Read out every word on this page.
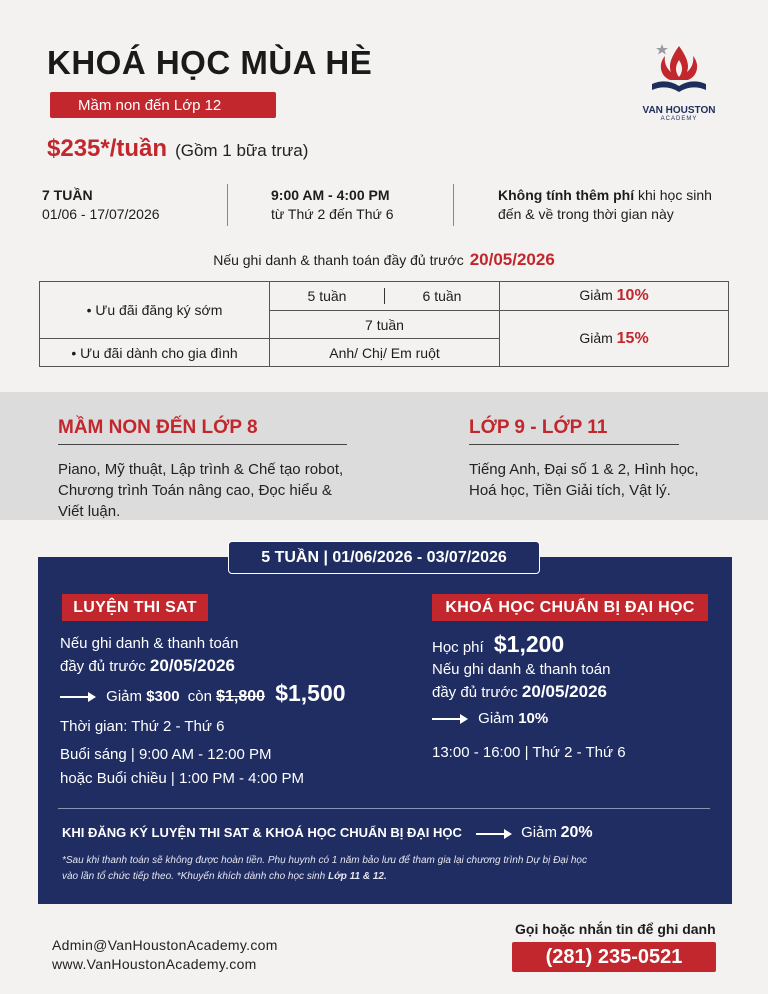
KHOÁ HỌC MÙA HÈ
Mầm non đến Lớp 12	VAN HOUSTON
ACADEMY
$235*/tuần (Gồm 1 bữa trưa)
7 TUẦN
01/06 - 17/07/2026
9:00 AM - 4:00 PM
từ Thứ 2 đến Thứ 6
Không tính thêm phí khi học sinh
đến & về trong thời gian này
Nếu ghi danh & thanh toán đầy đủ trước 20/05/2026
• Ưu đãi đăng ký sớm	5 tuần 6 tuần	Giảm 10%
	7 tuần	Giảm 15%
• Ưu đãi dành cho gia đình	Anh/ Chị/ Em ruột	
MẦM NON ĐẾN LỚP 8
Piano, Mỹ thuật, Lập trình & Chế tạo robot,
Chương trình Toán nâng cao, Đọc hiểu & Viết luận.
LỚP 9 - LỚP 11
Tiếng Anh, Đại số 1 & 2, Hình học,
Hoá học, Tiền Giải tích, Vật lý.
5 TUẦN | 01/06/2026 - 03/07/2026
LUYỆN THI SAT
Nếu ghi danh & thanh toán
đầy đủ trước 20/05/2026
Giảm $300 còn $1,800 $1,500
Thời gian: Thứ 2 - Thứ 6
Buổi sáng | 9:00 AM - 12:00 PM
hoặc Buổi chiều | 1:00 PM - 4:00 PM
KHOÁ HỌC CHUẨN BỊ ĐẠI HỌC
Học phí $1,200
Nếu ghi danh & thanh toán
đầy đủ trước 20/05/2026
Giảm 10%
13:00 - 16:00 | Thứ 2 - Thứ 6
KHI ĐĂNG KÝ LUYỆN THI SAT & KHOÁ HỌC CHUẨN BỊ ĐẠI HỌC	Giảm 20%
*Sau khi thanh toán sẽ không được hoàn tiền. Phụ huynh có 1 năm bảo lưu để tham gia lại chương trình Dự bị Đại học
vào lần tổ chức tiếp theo. *Khuyến khích dành cho học sinh Lớp 11 & 12.
Admin@VanHoustonAcademy.com
www.VanHoustonAcademy.com
Gọi hoặc nhắn tin để ghi danh
(281) 235-0521
